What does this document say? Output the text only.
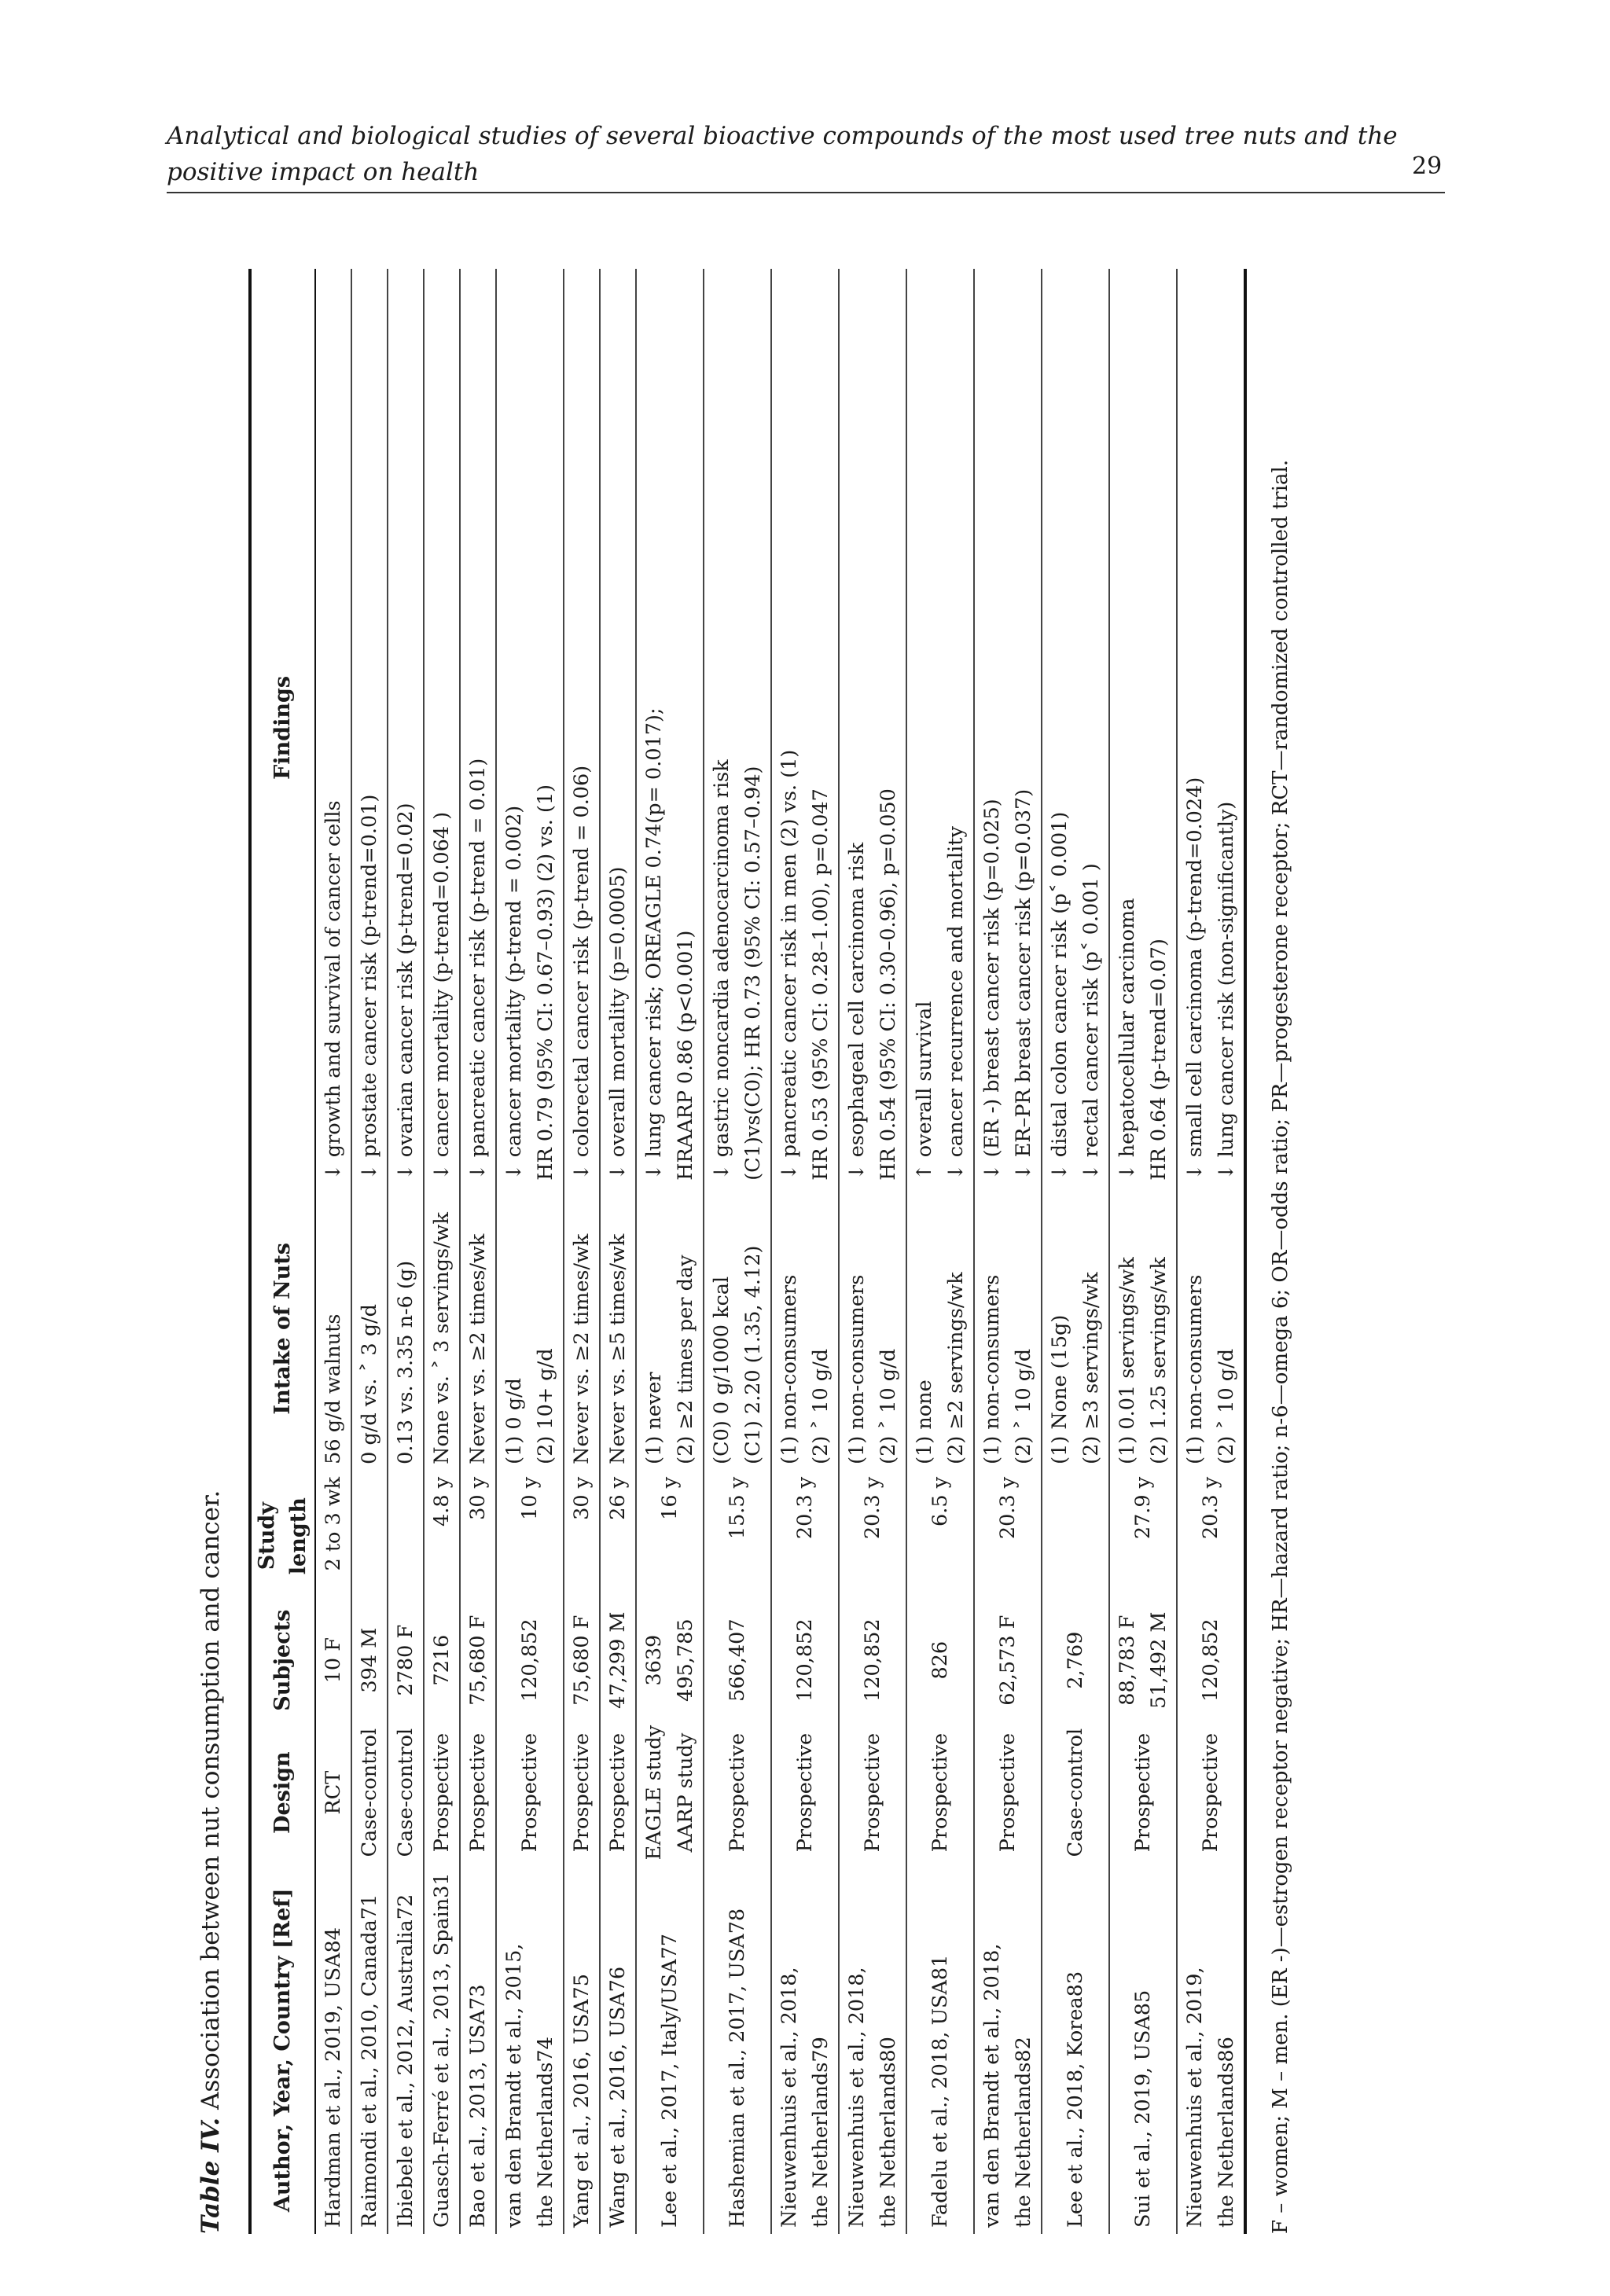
Analytical and biological studies of several bioactive compounds of the most used tree nuts and the positive impact on health	29
Table IV. Association between nut consumption and cancer. Author, Year, Country [Ref]	Design	Subjects	Study length	Intake of Nuts	Findings

Hardman et al., 2019, USA84	RCT	10 F	2 to 3 wk	56 g/d walnuts	↓ growth and survival of cancer cells

Raimondi et al., 2010, Canada71	Case-control	394 M		0 g/d vs. ˃ 3 g/d	↓ prostate cancer risk (p-trend=0.01)

Ibiebele et al., 2012, Australia72	Case-control	2780 F		0.13 vs. 3.35 n-6 (g)	↓ ovarian cancer risk (p-trend=0.02)

Guasch-Ferré et al., 2013, Spain31	Prospective	7216	4.8 y	None vs. ˃ 3 servings/wk	↓ cancer mortality (p-trend=0.064 )

Bao et al., 2013, USA73	Prospective	75,680 F	30 y	Never vs. ≥2 times/wk	↓ pancreatic cancer risk (p-trend = 0.01)

van den Brandt et al., 2015, the Netherlands74	Prospective	120,852	10 y	(1) 0 g/d (2) 10+ g/d	↓ cancer mortality (p-trend = 0.002) HR 0.79 (95% CI: 0.67–0.93) (2) vs. (1)

Yang et al., 2016, USA75	Prospective	75,680 F	30 y	Never vs. ≥2 times/wk	↓ colorectal cancer risk (p-trend = 0.06)

Wang et al., 2016, USA76	Prospective	47,299 M	26 y	Never vs. ≥5 times/wk	↓ overall mortality (p=0.0005)

Lee et al., 2017, Italy/USA77	EAGLE study AARP study	3639 495,785	16 y	(1) never (2) ≥2 times per day	↓ lung cancer risk; OREAGLE 0.74(p= 0.017); HRAARP 0.86 (p<0.001)

Hashemian et al., 2017, USA78	Prospective	566,407	15.5 y	(C0) 0 g/1000 kcal (C1) 2.20 (1.35, 4.12)	↓ gastric noncardia adenocarcinoma risk (C1)vs(C0); HR 0.73 (95% CI: 0.57–0.94)

Nieuwenhuis et al., 2018, the Netherlands79	Prospective	120,852	20.3 y	(1) non-consumers (2) ˃ 10 g/d	↓ pancreatic cancer risk in men (2) vs. (1) HR 0.53 (95% CI: 0.28–1.00), p=0.047

Nieuwenhuis et al., 2018, the Netherlands80	Prospective	120,852	20.3 y	(1) non-consumers (2) ˃ 10 g/d	↓ esophageal cell carcinoma risk HR 0.54 (95% CI: 0.30–0.96), p=0.050

Fadelu et al., 2018, USA81	Prospective	826	6.5 y	(1) none (2) ≥2 servings/wk	↑ overall survival ↓ cancer recurrence and mortality

van den Brandt et al., 2018, the Netherlands82	Prospective	62,573 F	20.3 y	(1) non-consumers (2) ˃ 10 g/d	↓ (ER -) breast cancer risk (p=0.025) ↓ ER–PR breast cancer risk (p=0.037)

Lee et al., 2018, Korea83	Case-control	2,769		(1) None (15g) (2) ≥3 servings/wk	↓ distal colon cancer risk (p˂ 0.001) ↓ rectal cancer risk (p˂ 0.001 )

Sui et al., 2019, USA85	Prospective	88,783 F 51,492 M	27.9 y	(1) 0.01 servings/wk (2) 1.25 servings/wk	↓ hepatocellular carcinoma HR 0.64 (p-trend=0.07)

Nieuwenhuis et al., 2019, the Netherlands86	Prospective	120,852	20.3 y	(1) non-consumers (2) ˃ 10 g/d	↓ small cell carcinoma (p-trend=0.024) ↓ lung cancer risk (non-significantly) F – women; M – men. (ER -)—estrogen receptor negative; HR—hazard ratio; n-6—omega 6; OR—odds ratio; PR—progesterone receptor; RCT—randomized controlled trial.
